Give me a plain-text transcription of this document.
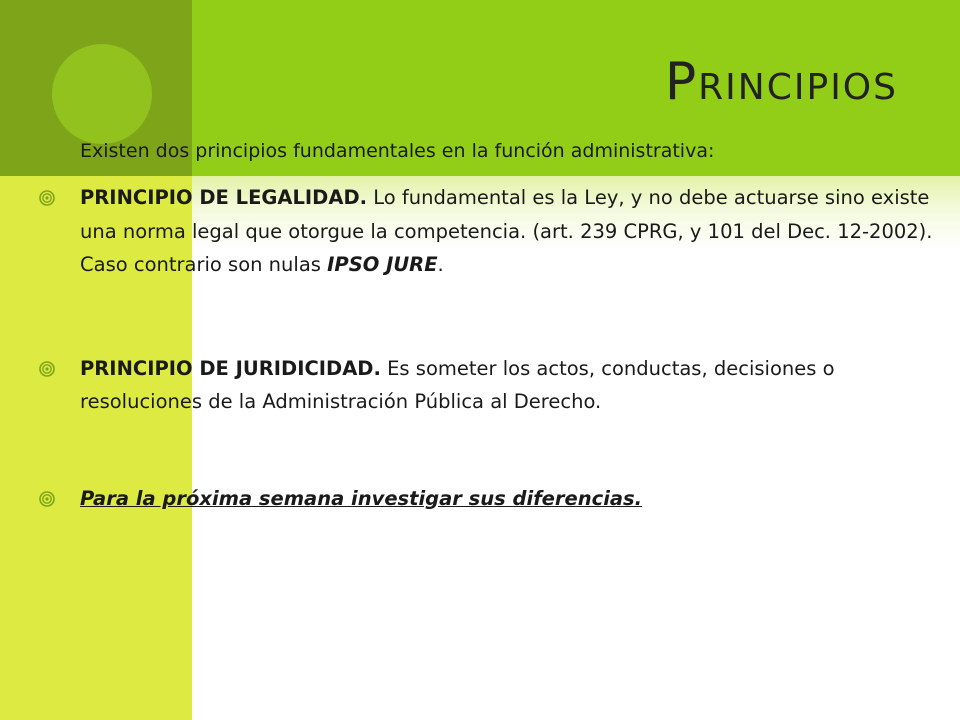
Principios
Existen dos principios fundamentales en la función administrativa:
PRINCIPIO DE LEGALIDAD. Lo fundamental es la Ley, y no debe actuarse sino existe una norma legal que otorgue la competencia. (art. 239 CPRG, y 101 del Dec. 12-2002). Caso contrario son nulas IPSO JURE.
PRINCIPIO DE JURIDICIDAD. Es someter los actos, conductas, decisiones o resoluciones de la Administración Pública al Derecho.
Para la próxima semana investigar sus diferencias.
